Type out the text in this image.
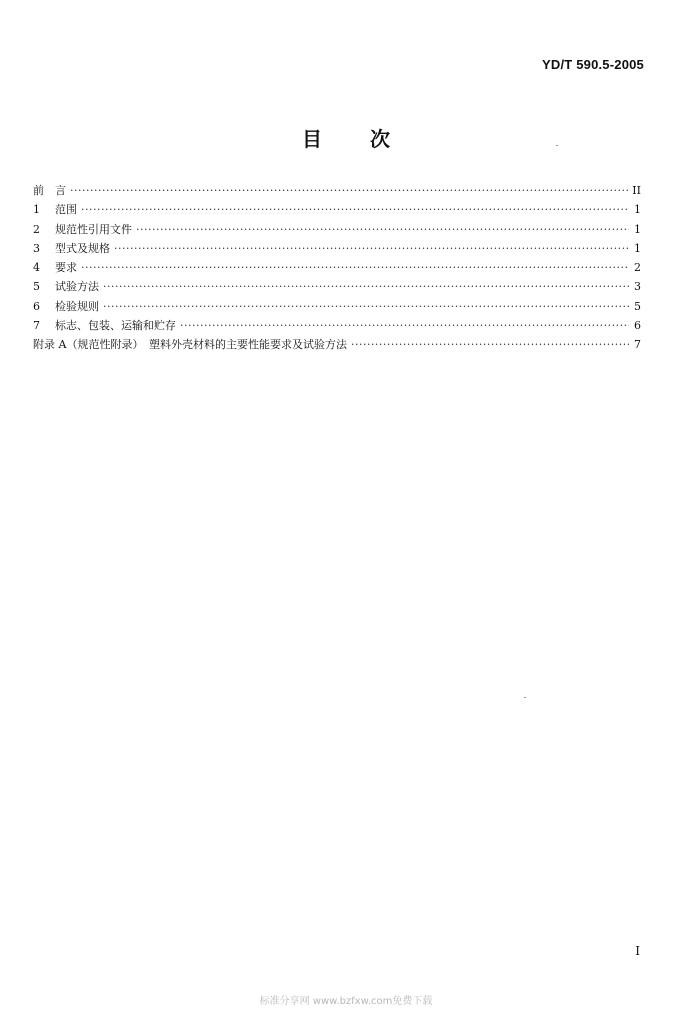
YD/T 590.5-2005
目 次
前　言 ·····	II
1	范围 ·····	1
2	规范性引用文件 ·····	1
3	型式及规格 ·····	1
4	要求 ·····	2
5	试验方法 ·····	3
6	检验规则 ·····	5
7	标志、包装、运输和贮存 ·····	6
附录 A（规范性附录）　塑料外壳材料的主要性能要求及试验方法 ·····	7
I
标准分享网 www.bzfxw.com免费下载
